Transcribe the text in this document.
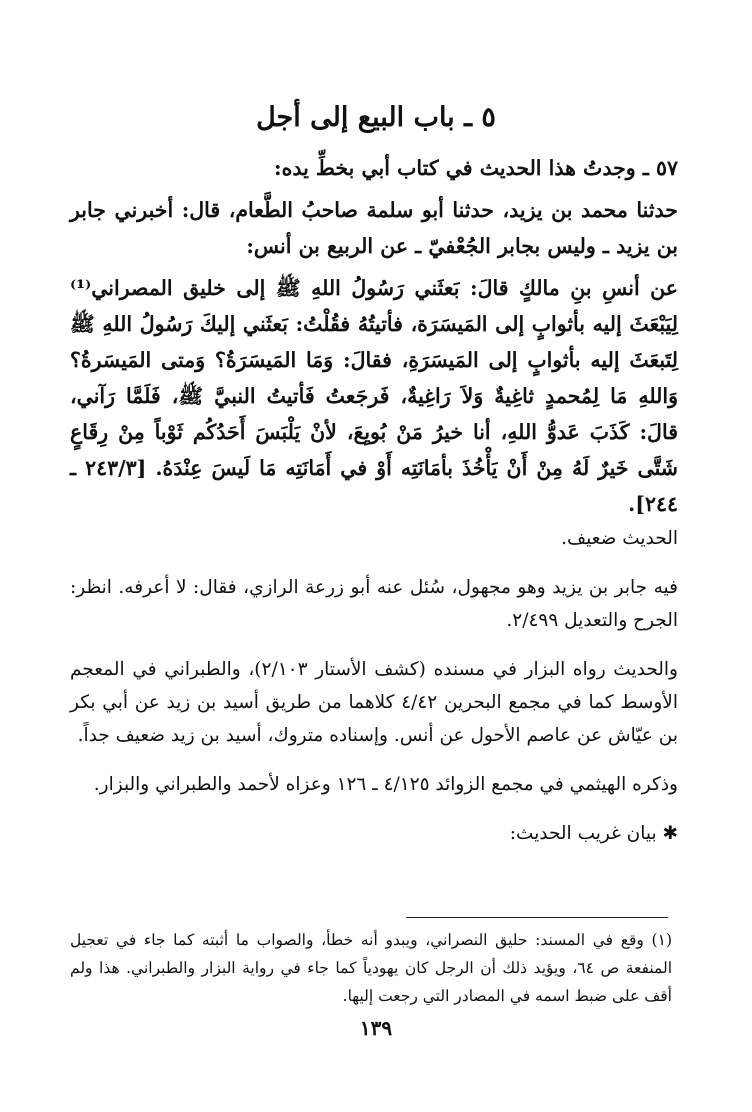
٥ ـ باب البيع إلى أجل

٥٧ ـ وجدتُ هذا الحديث في كتاب أبي بخطِّ يده:

حدثنا محمد بن يزيد، حدثنا أبو سلمة صاحبُ الطَّعام، قال: أخبرني جابر بن يزيد ـ وليس بجابر الجُعْفيّ ـ عن الربيع بن أنس:

عن أنسِ بنِ مالكٍ قالَ: بَعثَني رَسُولُ اللهِ ﷺ إلى خليق المصراني⁽¹⁾ لِيَبْعَثَ إليه بأثوابٍ إلى المَيسَرَة، فأتيتُهُ فقُلْتُ: بَعثَني إليكَ رَسُولُ اللهِ ﷺ لِتَبعَثَ إليه بأثوابٍ إلى المَيسَرَةِ، فقالَ: وَمَا المَيسَرَةُ؟ وَمتى المَيسَرةُ؟ وَاللهِ مَا لِمُحمدٍ ثاغِيةٌ وَلاَ رَاغِيةٌ، فَرجَعتُ فَأتيتُ النبيَّ ﷺ، فَلَمَّا رَآني، قالَ: كَذَبَ عَدوُّ اللهِ، أنا خيرُ مَنْ بُويِعَ، لأنْ يَلْبَسَ أَحَدُكُم ثَوْباً مِنْ رِقَاعٍ شَتَّى خَيرٌ لَهُ مِنْ أَنْ يَأْخُذَ بأمَانَتِه أَوْ في أَمَانَتِه مَا لَيسَ عِنْدَهُ. [٢٤٣/٣ ـ ٢٤٤].

الحديث ضعيف.

فيه جابر بن يزيد وهو مجهول، سُئل عنه أبو زرعة الرازي، فقال: لا أعرفه. انظر: الجرح والتعديل ٢/٤٩٩.

والحديث رواه البزار في مسنده (كشف الأستار ٢/١٠٣)، والطبراني في المعجم الأوسط كما في مجمع البحرين ٤/٤٢ كلاهما من طريق أسيد بن زيد عن أبي بكر بن عيّاش عن عاصم الأحول عن أنس. وإسناده متروك، أسيد بن زيد ضعيف جداً.

وذكره الهيثمي في مجمع الزوائد ٤/١٢٥ ـ ١٢٦ وعزاه لأحمد والطبراني والبزار.

✱ بيان غريب الحديث:

(١) وقع في المسند: حليق النصراني، ويبدو أنه خطأ، والصواب ما أثبته كما جاء في تعجيل المنفعة ص ٦٤، ويؤيد ذلك أن الرجل كان يهودياً كما جاء في رواية البزار والطبراني. هذا ولم أقف على ضبط اسمه في المصادر التي رجعت إليها.

١٣٩
